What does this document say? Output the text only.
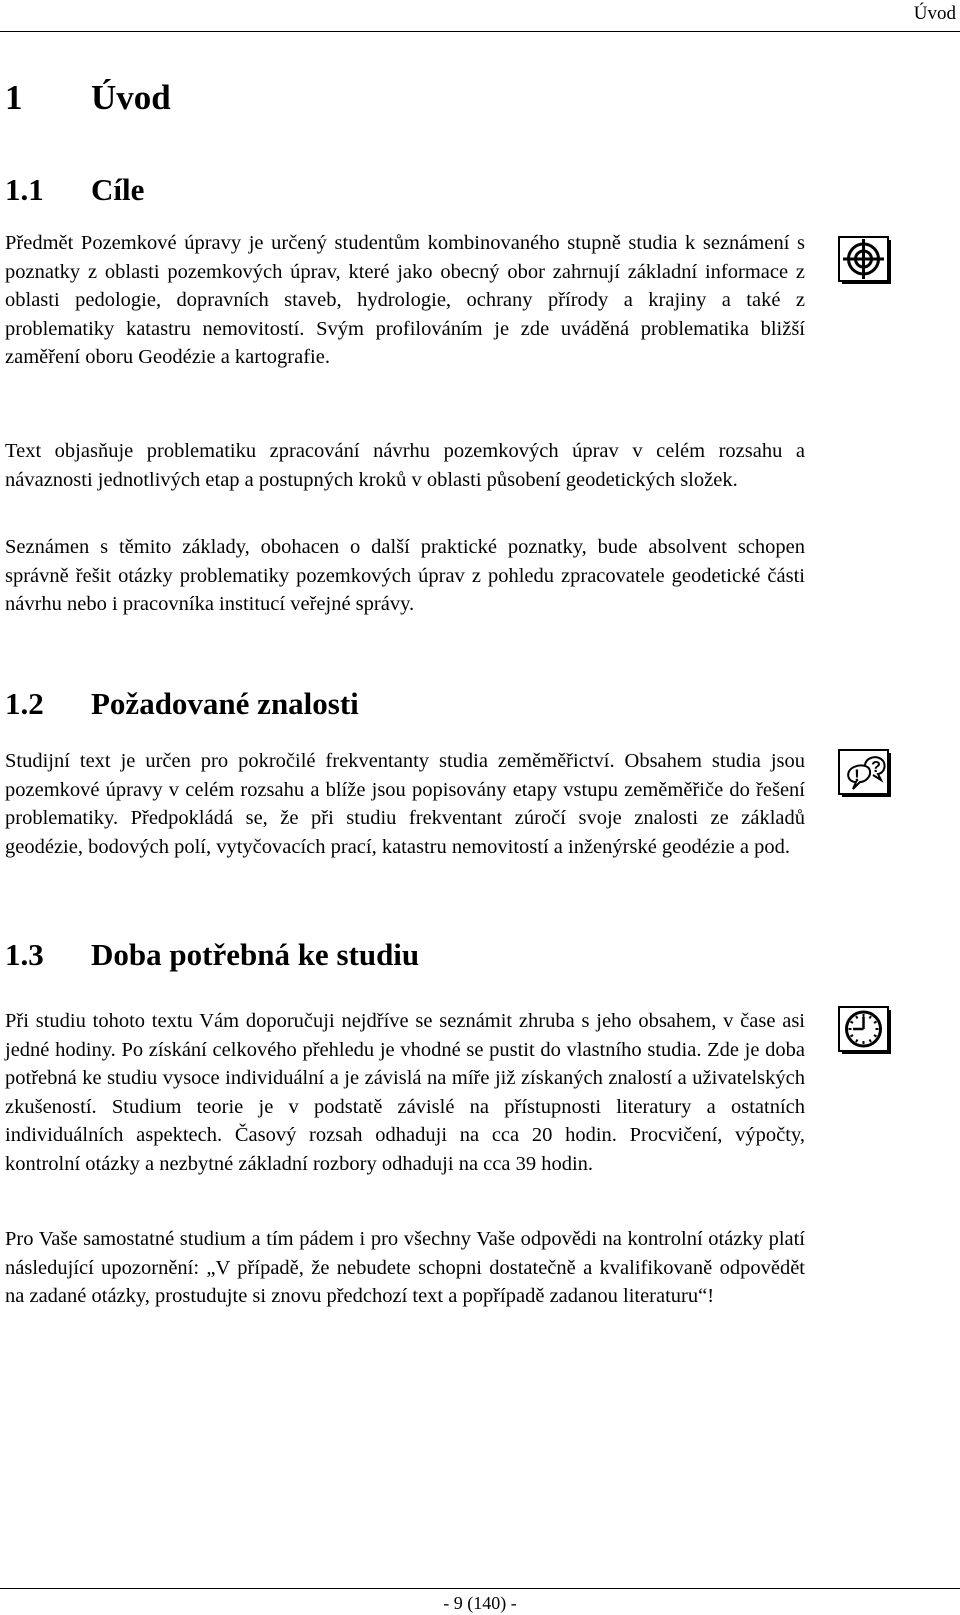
Úvod
1 Úvod
1.1 Cíle

Předmět Pozemkové úpravy je určený studentům kombinovaného stupně studia k seznámení s poznatky z oblasti pozemkových úprav, které jako obecný obor zahrnují základní informace z oblasti pedologie, dopravních staveb, hydrologie, ochrany přírody a krajiny a také z problematiky katastru nemovitostí. Svým profilováním je zde uváděná problematika bližší zaměření oboru Geodézie a kartografie.

Text objasňuje problematiku zpracování návrhu pozemkových úprav v celém rozsahu a návaznosti jednotlivých etap a postupných kroků v oblasti působení geodetických složek.

Seznámen s těmito základy, obohacen o další praktické poznatky, bude absolvent schopen správně řešit otázky problematiky pozemkových úprav z pohledu zpracovatele geodetické části návrhu nebo i pracovníka institucí veřejné správy.

1.2 Požadované znalosti

Studijní text je určen pro pokročilé frekventanty studia zeměměřictví. Obsahem studia jsou pozemkové úpravy v celém rozsahu a blíže jsou popisovány etapy vstupu zeměměřiče do řešení problematiky. Předpokládá se, že při studiu frekventant zúročí svoje znalosti ze základů geodézie, bodových polí, vytyčovacích prací, katastru nemovitostí a inženýrské geodézie a pod.

! ?
1.3 Doba potřebná ke studiu

Při studiu tohoto textu Vám doporučuji nejdříve se seznámit zhruba s jeho obsahem, v čase asi jedné hodiny. Po získání celkového přehledu je vhodné se pustit do vlastního studia. Zde je doba potřebná ke studiu vysoce individuální a je závislá na míře již získaných znalostí a uživatelských zkušeností. Studium teorie je v podstatě závislé na přístupnosti literatury a ostatních individuálních aspektech. Časový rozsah odhaduji na cca 20 hodin. Procvičení, výpočty, kontrolní otázky a nezbytné základní rozbory odhaduji na cca 39 hodin.

Pro Vaše samostatné studium a tím pádem i pro všechny Vaše odpovědi na kontrolní otázky platí následující upozornění: „V případě, že nebudete schopni dostatečně a kvalifikovaně odpovědět na zadané otázky, prostudujte si znovu předchozí text a popřípadě zadanou literaturu“!

- 9 (140) -
